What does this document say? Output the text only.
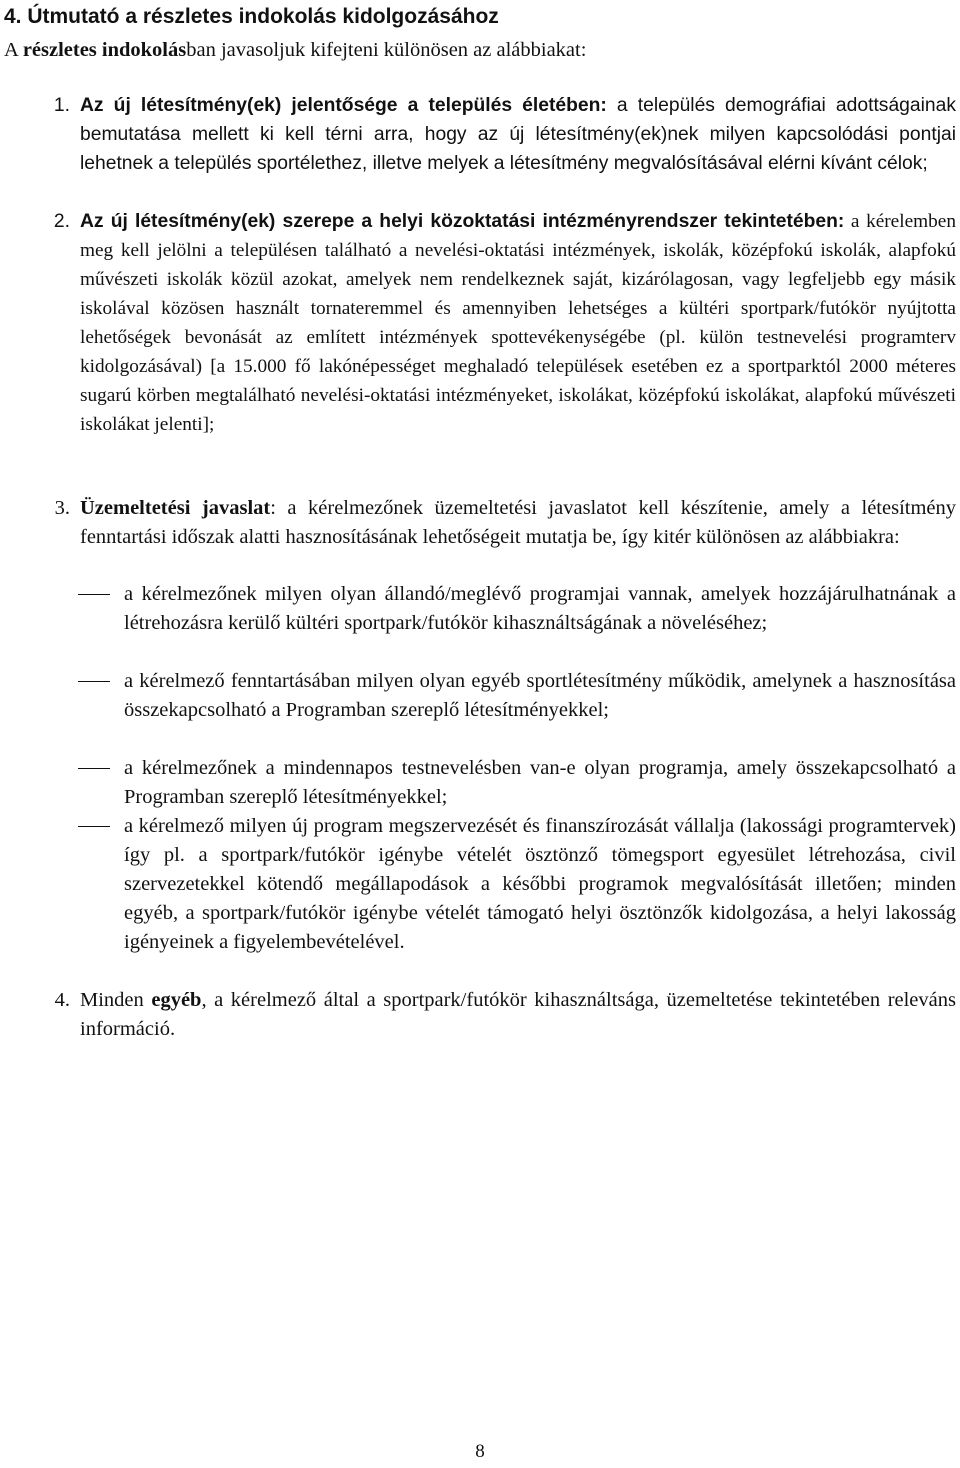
4. Útmutató a részletes indokolás kidolgozásához
A részletes indokolásban javasoljuk kifejteni különösen az alábbiakat:
1. Az új létesítmény(ek) jelentősége a település életében: a település demográfiai adottságainak bemutatása mellett ki kell térni arra, hogy az új létesítmény(ek)nek milyen kapcsolódási pontjai lehetnek a település sportélethez, illetve melyek a létesítmény megvalósításával elérni kívánt célok;
2. Az új létesítmény(ek) szerepe a helyi közoktatási intézményrendszer tekintetében: a kérelemben meg kell jelölni a településen található a nevelési-oktatási intézmények, iskolák, középfokú iskolák, alapfokú művészeti iskolák közül azokat, amelyek nem rendelkeznek saját, kizárólagosan, vagy legfeljebb egy másik iskolával közösen használt tornateremmel és amennyiben lehetséges a kültéri sportpark/futókör nyújtotta lehetőségek bevonását az említett intézmények spottevékenységébe (pl. külön testnevelési programterv kidolgozásával) [a 15.000 fő lakónépességet meghaladó települések esetében ez a sportparktól 2000 méteres sugarú körben megtalálható nevelési-oktatási intézményeket, iskolákat, középfokú iskolákat, alapfokú művészeti iskolákat jelenti];
3. Üzemeltetési javaslat: a kérelmezőnek üzemeltetési javaslatot kell készítenie, amely a létesítmény fenntartási időszak alatti hasznosításának lehetőségeit mutatja be, így kitér különösen az alábbiakra:
a kérelmezőnek milyen olyan állandó/meglévő programjai vannak, amelyek hozzájárulhatnának a létrehozásra kerülő kültéri sportpark/futókör kihasználtságának a növeléséhez;
a kérelmező fenntartásában milyen olyan egyéb sportlétesítmény működik, amelynek a hasznosítása összekapcsolható a Programban szereplő létesítményekkel;
a kérelmezőnek a mindennapos testnevelésben van-e olyan programja, amely összekapcsolható a Programban szereplő létesítményekkel;
a kérelmező milyen új program megszervezését és finanszírozását vállalja (lakossági programtervek) így pl. a sportpark/futókör igénybe vételét ösztönző tömegsport egyesület létrehozása, civil szervezetekkel kötendő megállapodások a későbbi programok megvalósítását illetően; minden egyéb, a sportpark/futókör igénybe vételét támogató helyi ösztönzők kidolgozása, a helyi lakosság igényeinek a figyelembevételével.
4. Minden egyéb, a kérelmező által a sportpark/futókör kihasználtsága, üzemeltetése tekintetében releváns információ.
8
